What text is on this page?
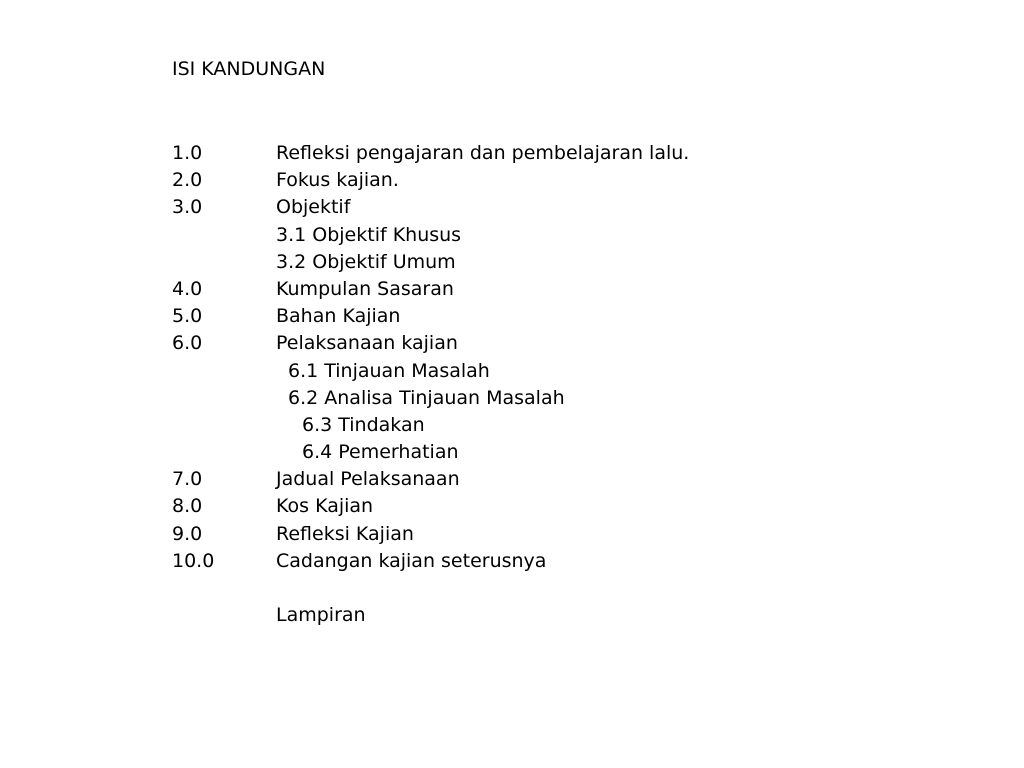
ISI KANDUNGAN
1.0	Refleksi pengajaran dan pembelajaran lalu.
2.0	Fokus kajian.
3.0	Objektif
3.1 Objektif Khusus
3.2 Objektif Umum
4.0	Kumpulan Sasaran
5.0	Bahan Kajian
6.0	Pelaksanaan kajian
6.1 Tinjauan Masalah
6.2 Analisa Tinjauan Masalah
6.3 Tindakan
6.4 Pemerhatian
7.0	Jadual Pelaksanaan
8.0	Kos Kajian
9.0	Refleksi Kajian
10.0	Cadangan kajian seterusnya
Lampiran
